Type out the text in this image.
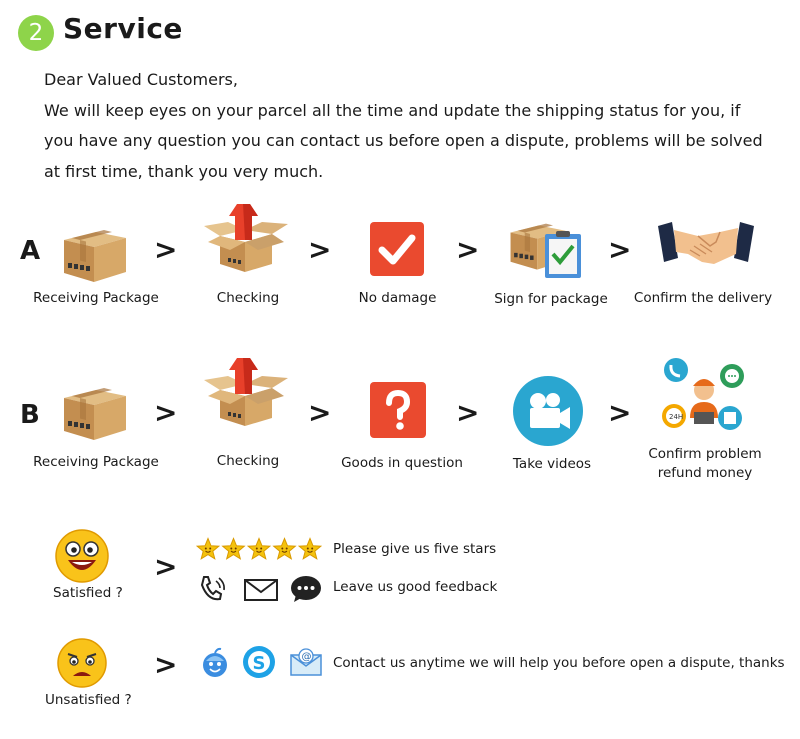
2 Service
Dear Valued Customers,
We will keep eyes on your parcel all the time and update the shipping status for you, if
you have any question you can contact us before open a dispute, problems will be solved
at first time, thank you very much.
A
Receiving Package
>
Checking
>
No damage
>
Sign for package
>
Confirm the delivery
B
Receiving Package
>
Checking
>
Goods in question
>
Take videos
>	24H
Confirm problem
refund money
Satisfied ?
>
Please give us five stars
Leave us good feedback
Unsatisfied ?
>	S	@ Contact us anytime we will help you before open a dispute, thanks
